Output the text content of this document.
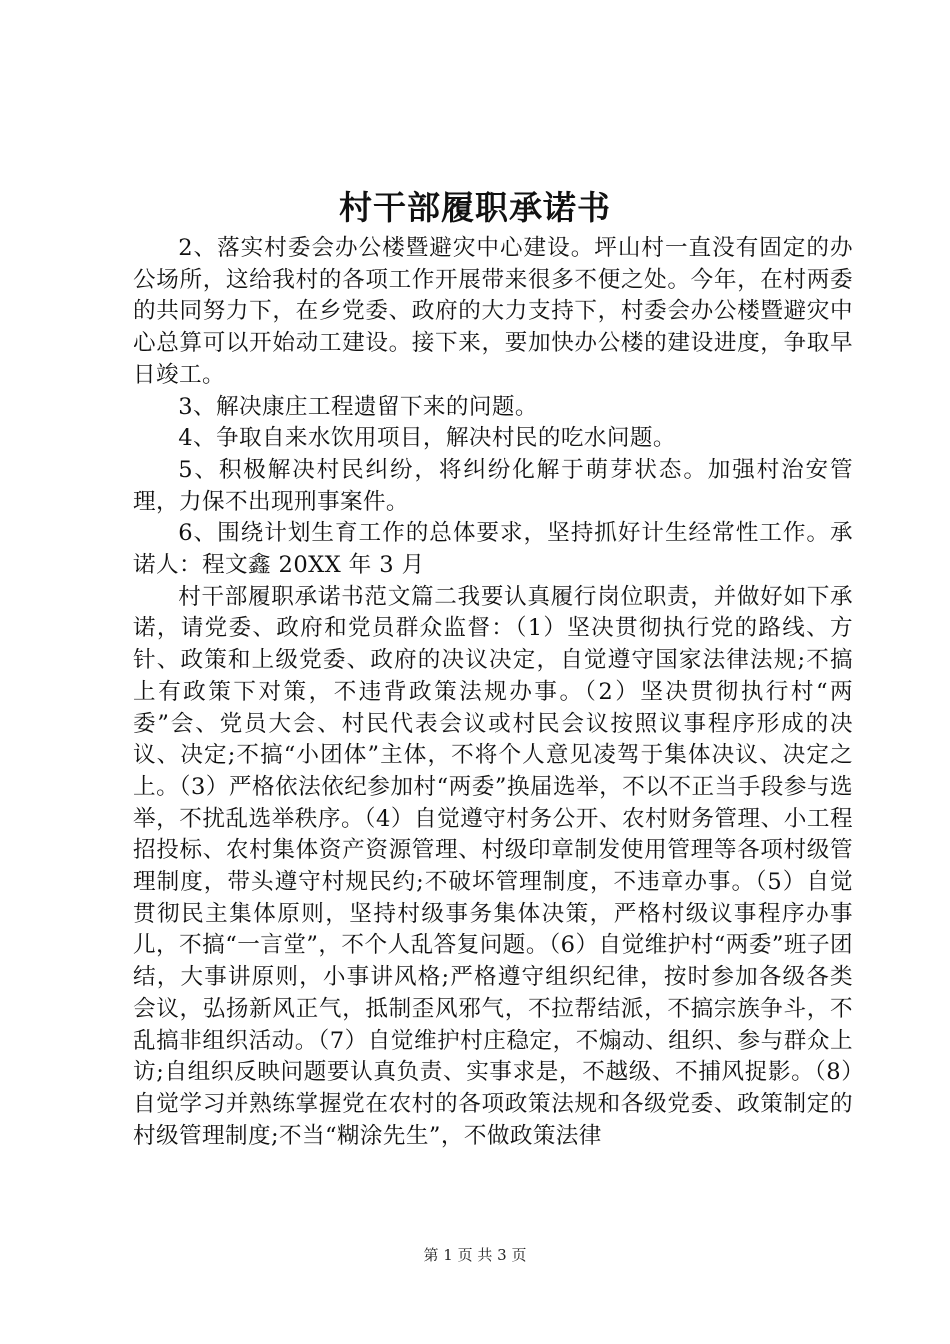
村干部履职承诺书

2、落实村委会办公楼暨避灾中心建设。坪山村一直没有固定的办公场所，这给我村的各项工作开展带来很多不便之处。今年，在村两委的共同努力下，在乡党委、政府的大力支持下，村委会办公楼暨避灾中心总算可以开始动工建设。接下来，要加快办公楼的建设进度，争取早日竣工。

3、解决康庄工程遗留下来的问题。

4、争取自来水饮用项目，解决村民的吃水问题。

5、积极解决村民纠纷，将纠纷化解于萌芽状态。加强村治安管理，力保不出现刑事案件。

6、围绕计划生育工作的总体要求，坚持抓好计生经常性工作。承诺人：程文鑫 20XX 年 3 月

村干部履职承诺书范文篇二我要认真履行岗位职责，并做好如下承诺，请党委、政府和党员群众监督：（1）坚决贯彻执行党的路线、方针、政策和上级党委、政府的决议决定，自觉遵守国家法律法规;不搞上有政策下对策，不违背政策法规办事。（2）坚决贯彻执行村“两委”会、党员大会、村民代表会议或村民会议按照议事程序形成的决议、决定;不搞“小团体”主体，不将个人意见凌驾于集体决议、决定之上。（3）严格依法依纪参加村“两委”换届选举，不以不正当手段参与选举，不扰乱选举秩序。（4）自觉遵守村务公开、农村财务管理、小工程招投标、农村集体资产资源管理、村级印章制发使用管理等各项村级管理制度，带头遵守村规民约;不破坏管理制度，不违章办事。（5）自觉贯彻民主集体原则，坚持村级事务集体决策，严格村级议事程序办事儿，不搞“一言堂”，不个人乱答复问题。（6）自觉维护村“两委”班子团结，大事讲原则，小事讲风格;严格遵守组织纪律，按时参加各级各类会议，弘扬新风正气，抵制歪风邪气，不拉帮结派，不搞宗族争斗，不乱搞非组织活动。（7）自觉维护村庄稳定，不煽动、组织、参与群众上访;自组织反映问题要认真负责、实事求是，不越级、不捕风捉影。（8）自觉学习并熟练掌握党在农村的各项政策法规和各级党委、政策制定的村级管理制度;不当“糊涂先生”，不做政策法律

第 1 页 共 3 页
